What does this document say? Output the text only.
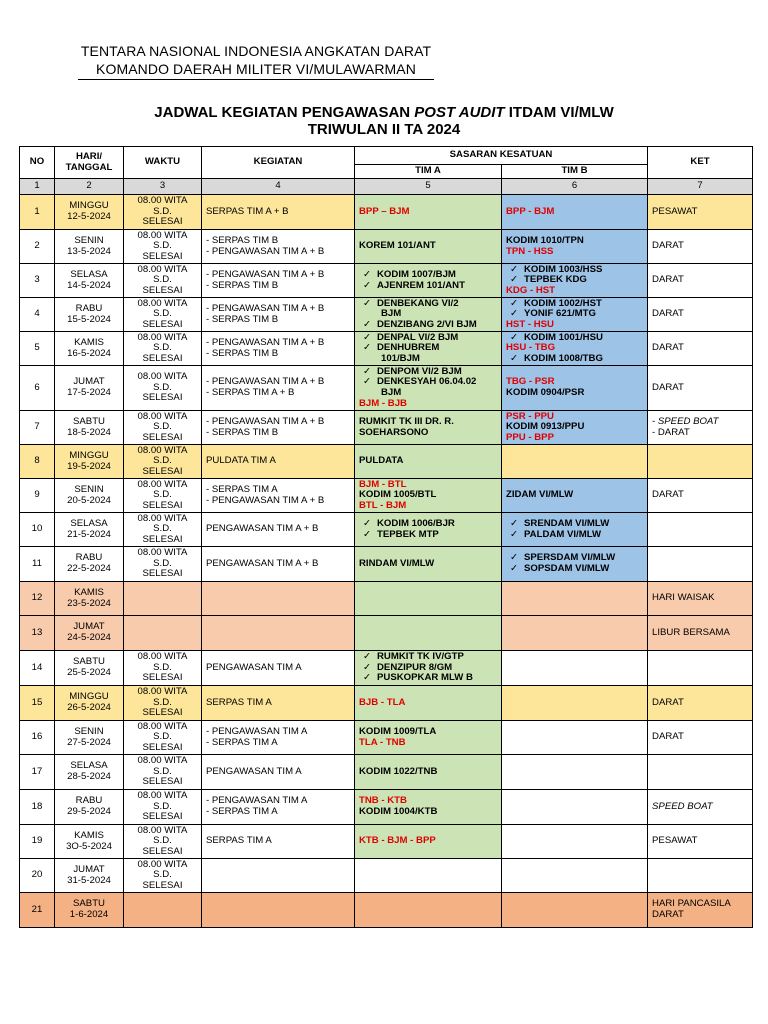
TENTARA NASIONAL INDONESIA ANGKATAN DARAT
KOMANDO DAERAH MILITER VI/MULAWARMAN
JADWAL KEGIATAN PENGAWASAN POST AUDIT ITDAM VI/MLW
TRIWULAN II TA 2024
NO	HARI/ TANGGAL	WAKTU	KEGIATAN	SASARAN KESATUAN		KET
				TIM A	TIM B	
1	2	3	4	5	6	7
1	MINGGU
12-5-2024	08.00 WITA
S.D.
SELESAI	SERPAS TIM A + B	BPP – BJM	BPP - BJM	PESAWAT

2	SENIN
13-5-2024	08.00 WITA
S.D.
SELESAI	- SERPAS TIM B
- PENGAWASAN TIM A + B	KOREM 101/ANT	KODIM 1010/TPN
TPN - HSS	DARAT

3	SELASA
14-5-2024	08.00 WITA
S.D.
SELESAI	- PENGAWASAN TIM A + B
- SERPAS TIM B	✓ KODIM 1007/BJM
✓ AJENREM 101/ANT	✓ KODIM 1003/HSS
✓ TEPBEK KDG
KDG - HST	DARAT

4	RABU
15-5-2024	08.00 WITA
S.D.
SELESAI	- PENGAWASAN TIM A + B
- SERPAS TIM B	✓ DENBEKANG VI/2
BJM
✓ DENZIBANG 2/VI BJM	✓ KODIM 1002/HST
✓ YONIF 621/MTG
HST - HSU	DARAT

5	KAMIS
16-5-2024	08.00 WITA
S.D.
SELESAI	- PENGAWASAN TIM A + B
- SERPAS TIM B	✓ DENPAL VI/2 BJM
✓ DENHUBREM
101/BJM	✓ KODIM 1001/HSU
HSU - TBG
✓ KODIM 1008/TBG	DARAT

6	JUMAT
17-5-2024	08.00 WITA
S.D.
SELESAI	- PENGAWASAN TIM A + B
- SERPAS TIM A + B	✓ DENPOM VI/2 BJM
✓ DENKESYAH 06.04.02
BJM
BJM - BJB	TBG - PSR
KODIM 0904/PSR	DARAT

7	SABTU
18-5-2024	08.00 WITA
S.D.
SELESAI	- PENGAWASAN TIM A + B
- SERPAS TIM B	RUMKIT TK III DR. R.
SOEHARSONO	PSR - PPU
KODIM 0913/PPU
PPU - BPP	- SPEED BOAT
- DARAT

8	MINGGU
19-5-2024	08.00 WITA
S.D.
SELESAI	PULDATA TIM A	PULDATA		

9	SENIN
20-5-2024	08.00 WITA
S.D.
SELESAI	- SERPAS TIM A
- PENGAWASAN TIM A + B	BJM - BTL
KODIM 1005/BTL
BTL - BJM	ZIDAM VI/MLW	DARAT

10	SELASA
21-5-2024	08.00 WITA
S.D.
SELESAI	PENGAWASAN TIM A + B	✓ KODIM 1006/BJR
✓ TEPBEK MTP	✓ SRENDAM VI/MLW
✓ PALDAM VI/MLW	

11	RABU
22-5-2024	08.00 WITA
S.D.
SELESAI	PENGAWASAN TIM A + B	RINDAM VI/MLW	✓ SPERSDAM VI/MLW
✓ SOPSDAM VI/MLW	

12	KAMIS
23-5-2024					HARI WAISAK

13	JUMAT
24-5-2024					LIBUR BERSAMA

14	SABTU
25-5-2024	08.00 WITA
S.D.
SELESAI	PENGAWASAN TIM A	✓ RUMKIT TK IV/GTP
✓ DENZIPUR 8/GM
✓ PUSKOPKAR MLW B		

15	MINGGU
26-5-2024	08.00 WITA
S.D.
SELESAI	SERPAS TIM A	BJB - TLA		DARAT

16	SENIN
27-5-2024	08.00 WITA
S.D.
SELESAI	- PENGAWASAN TIM A
- SERPAS TIM A	KODIM 1009/TLA
TLA - TNB		DARAT

17	SELASA
28-5-2024	08.00 WITA
S.D.
SELESAI	PENGAWASAN TIM A	KODIM 1022/TNB		

18	RABU
29-5-2024	08.00 WITA
S.D.
SELESAI	- PENGAWASAN TIM A
- SERPAS TIM A	TNB - KTB
KODIM 1004/KTB		SPEED BOAT

19	KAMIS
3O-5-2024	08.00 WITA
S.D.
SELESAI	SERPAS TIM A	KTB - BJM - BPP		PESAWAT

20	JUMAT
31-5-2024	08.00 WITA
S.D.
SELESAI				

21	SABTU
1-6-2024					HARI PANCASILA
DARAT
